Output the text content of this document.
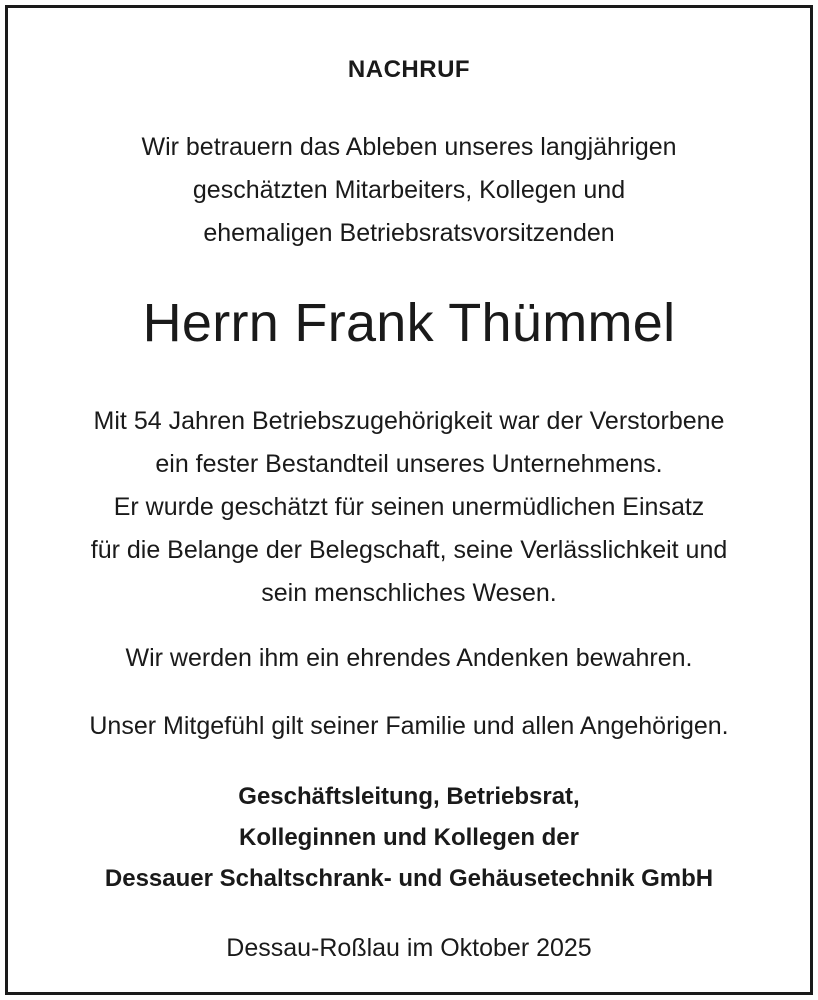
NACHRUF
Wir betrauern das Ableben unseres langjährigen
geschätzten Mitarbeiters, Kollegen und
ehemaligen Betriebsratsvorsitzenden
Herrn Frank Thümmel
Mit 54 Jahren Betriebszugehörigkeit war der Verstorbene
ein fester Bestandteil unseres Unternehmens.
Er wurde geschätzt für seinen unermüdlichen Einsatz
für die Belange der Belegschaft, seine Verlässlichkeit und
sein menschliches Wesen.
Wir werden ihm ein ehrendes Andenken bewahren.
Unser Mitgefühl gilt seiner Familie und allen Angehörigen.
Geschäftsleitung, Betriebsrat,
Kolleginnen und Kollegen der
Dessauer Schaltschrank- und Gehäusetechnik GmbH
Dessau-Roßlau im Oktober 2025
